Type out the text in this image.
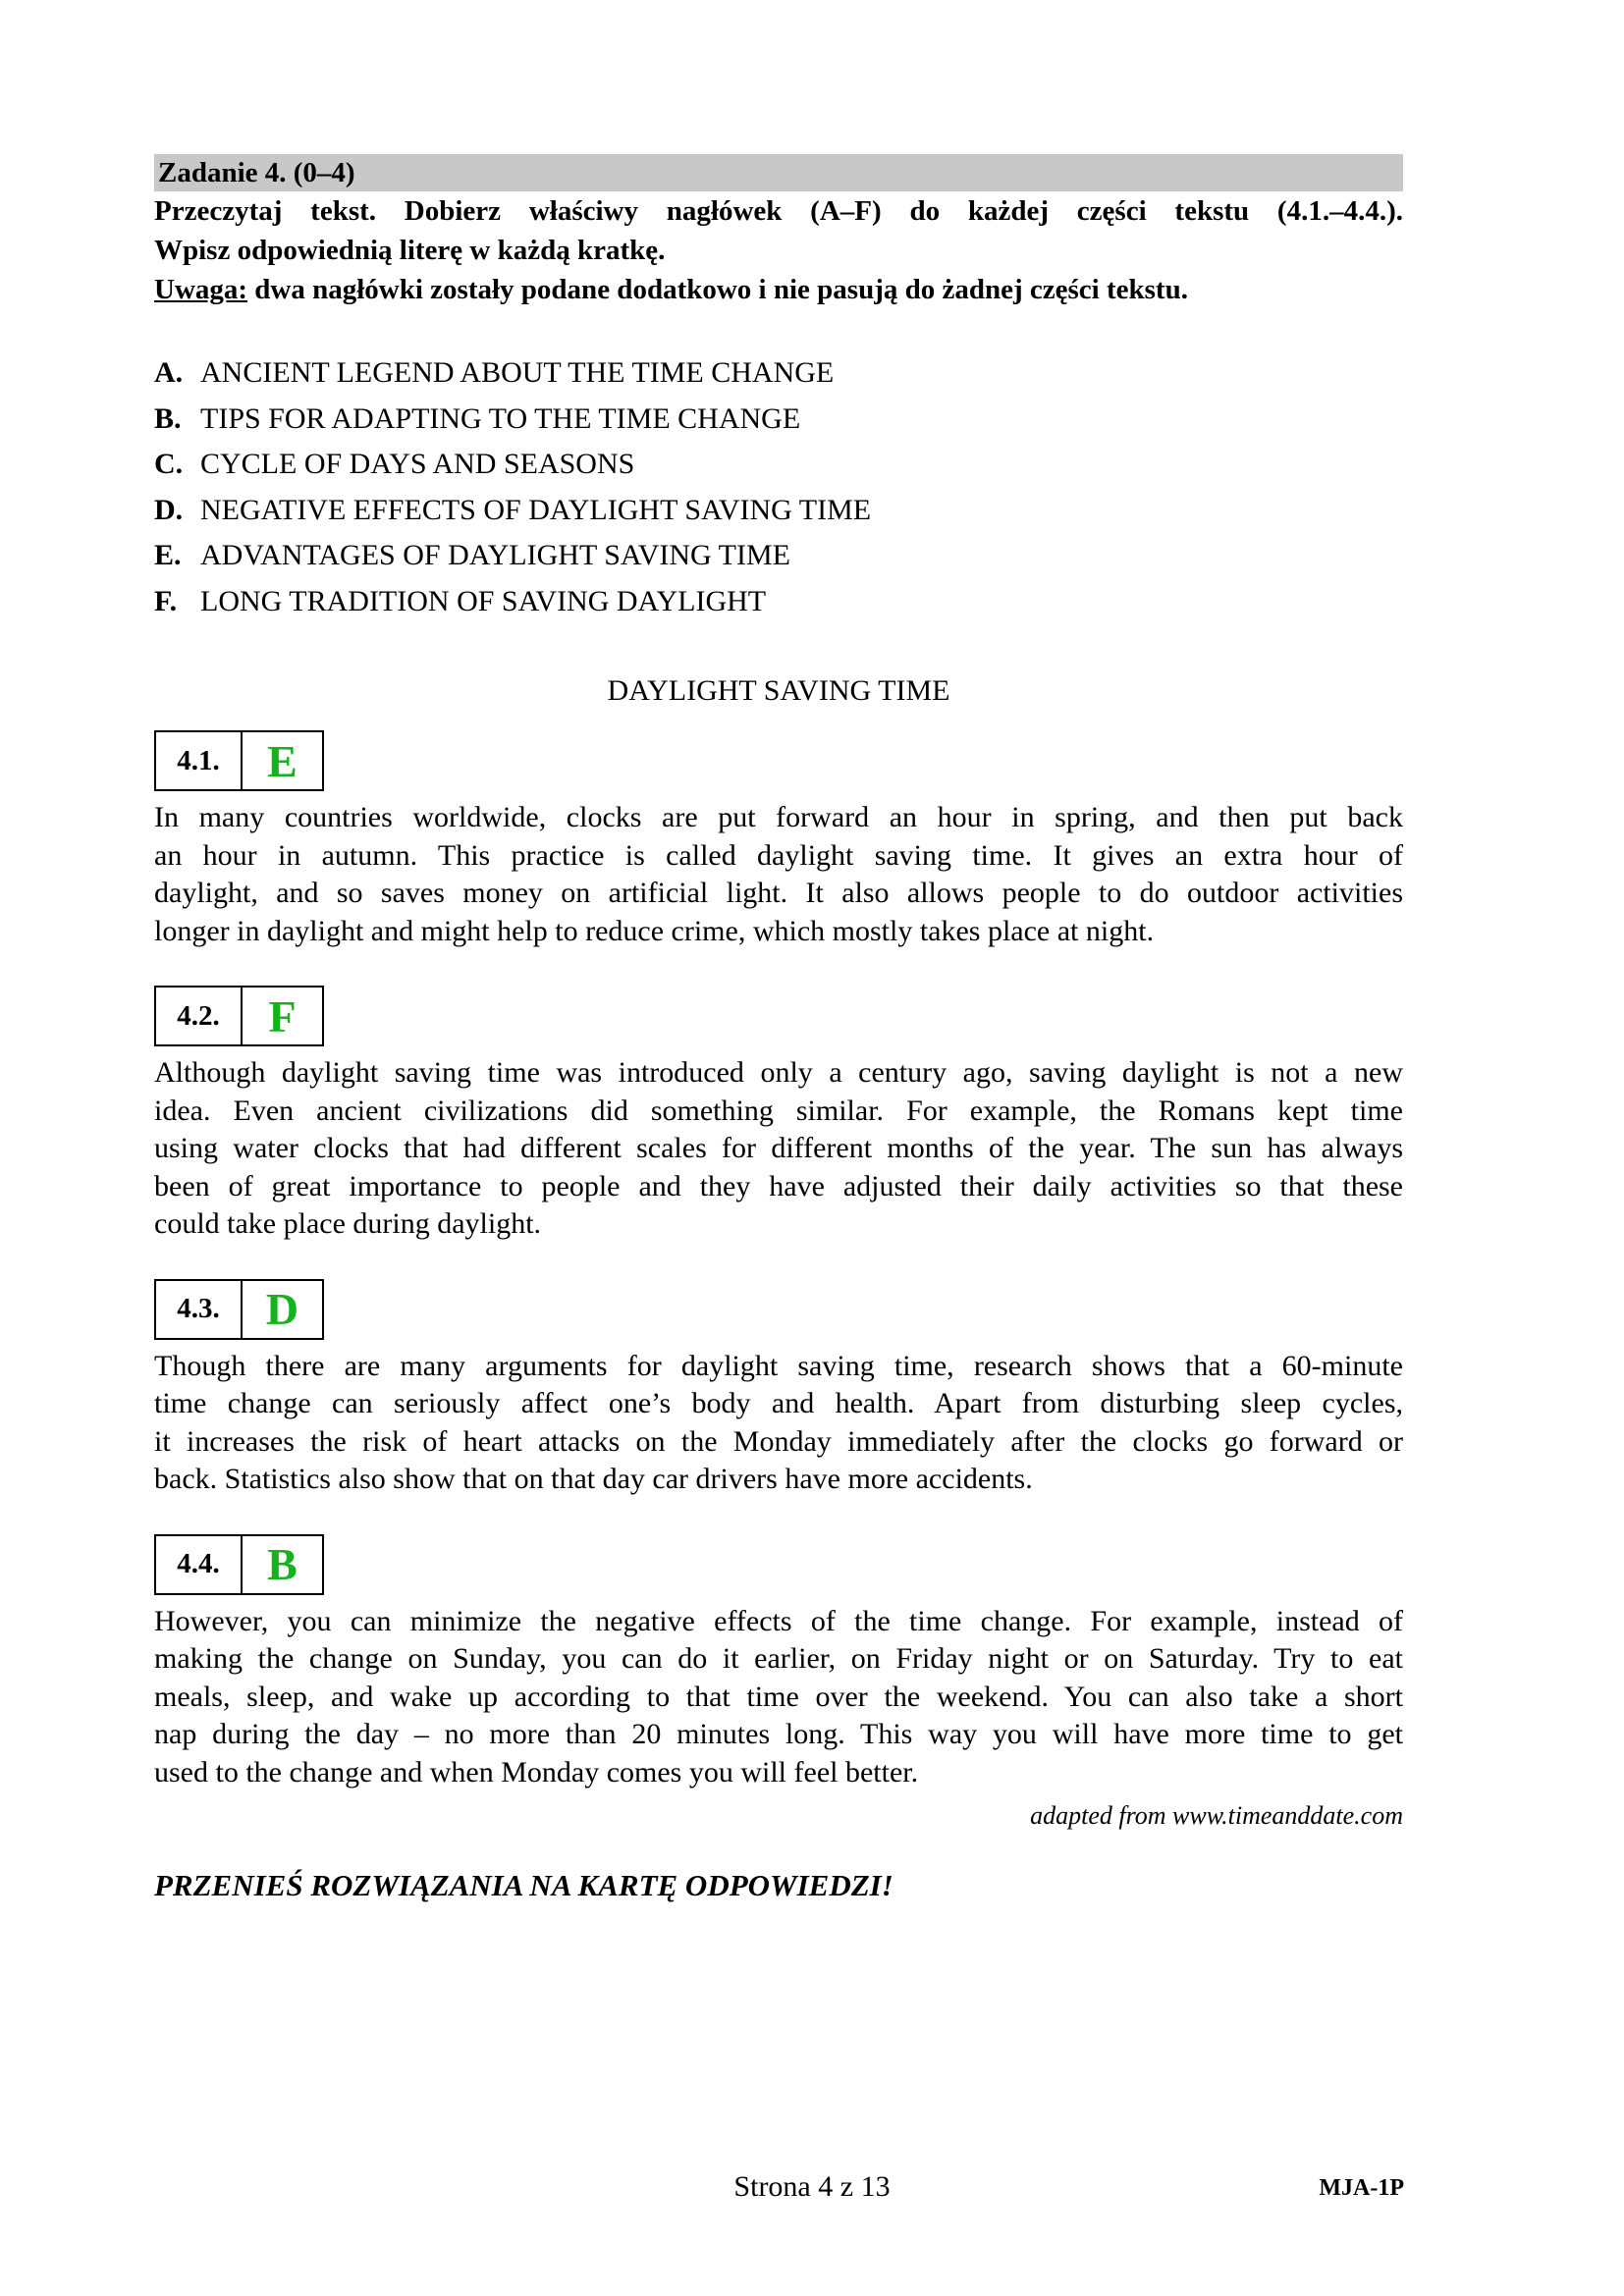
Zadanie 4. (0–4)
Przeczytaj tekst. Dobierz właściwy nagłówek (A–F) do każdej części tekstu (4.1.–4.4.).
Wpisz odpowiednią literę w każdą kratkę.
Uwaga: dwa nagłówki zostały podane dodatkowo i nie pasują do żadnej części tekstu.
A. ANCIENT LEGEND ABOUT THE TIME CHANGE
B. TIPS FOR ADAPTING TO THE TIME CHANGE
C. CYCLE OF DAYS AND SEASONS
D. NEGATIVE EFFECTS OF DAYLIGHT SAVING TIME
E. ADVANTAGES OF DAYLIGHT SAVING TIME
F. LONG TRADITION OF SAVING DAYLIGHT
DAYLIGHT SAVING TIME
4.1.	E
In many countries worldwide, clocks are put forward an hour in spring, and then put back
an hour in autumn. This practice is called daylight saving time. It gives an extra hour of
daylight, and so saves money on artificial light. It also allows people to do outdoor activities
longer in daylight and might help to reduce crime, which mostly takes place at night.
4.2.	F
Although daylight saving time was introduced only a century ago, saving daylight is not a new
idea. Even ancient civilizations did something similar. For example, the Romans kept time
using water clocks that had different scales for different months of the year. The sun has always
been of great importance to people and they have adjusted their daily activities so that these
could take place during daylight.
4.3.	D
Though there are many arguments for daylight saving time, research shows that a 60-minute
time change can seriously affect one’s body and health. Apart from disturbing sleep cycles,
it increases the risk of heart attacks on the Monday immediately after the clocks go forward or
back. Statistics also show that on that day car drivers have more accidents.
4.4.	B
However, you can minimize the negative effects of the time change. For example, instead of
making the change on Sunday, you can do it earlier, on Friday night or on Saturday. Try to eat
meals, sleep, and wake up according to that time over the weekend. You can also take a short
nap during the day – no more than 20 minutes long. This way you will have more time to get
used to the change and when Monday comes you will feel better.
adapted from www.timeanddate.com
PRZENIEŚ ROZWIĄZANIA NA KARTĘ ODPOWIEDZI!
Strona 4 z 13	MJA-1P
